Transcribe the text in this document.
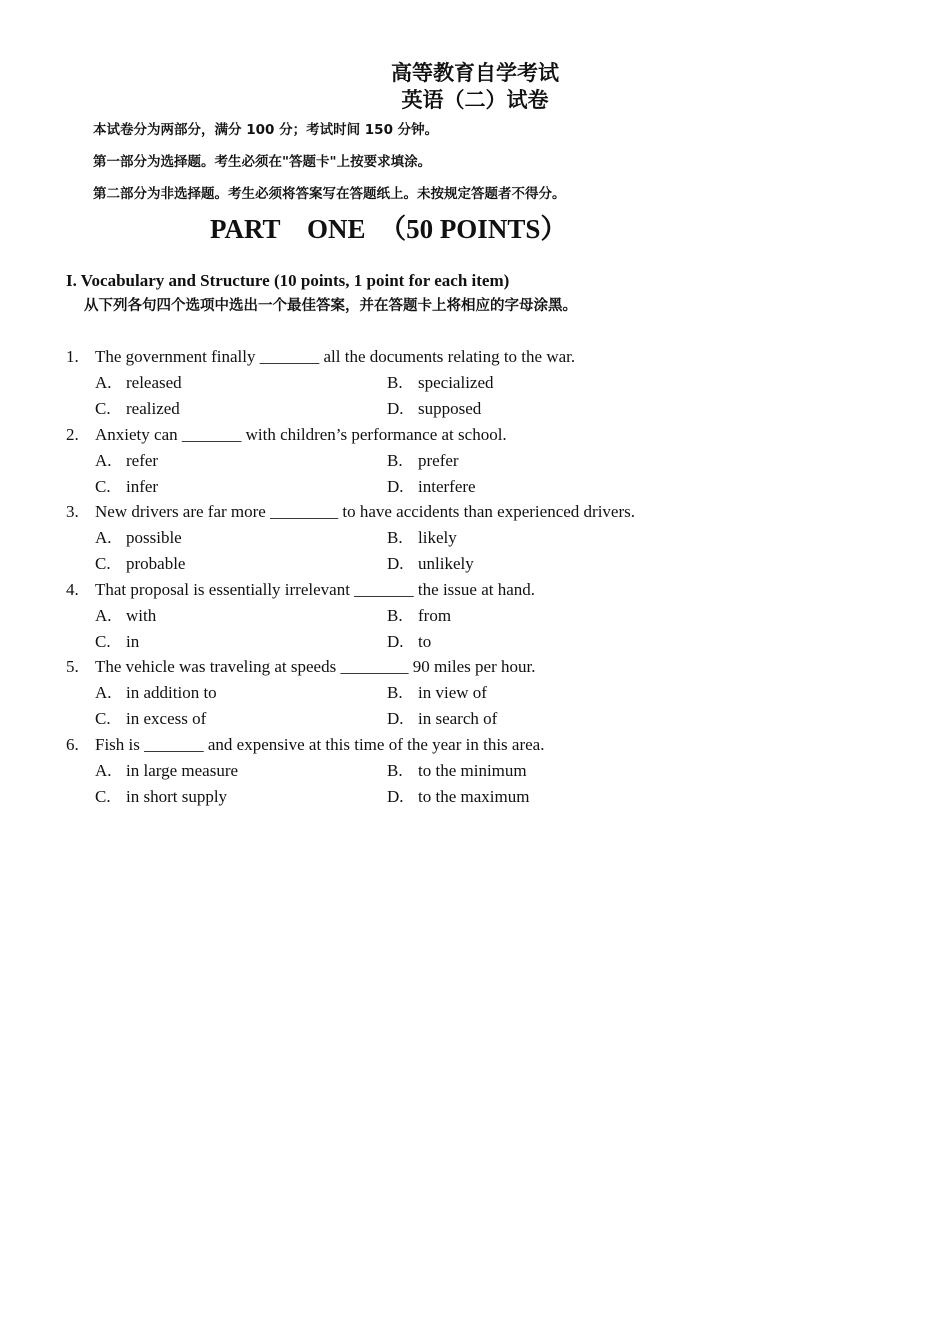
高等教育自学考试
英语（二）试卷
本试卷分为两部分，满分 100 分；考试时间 150 分钟。
第一部分为选择题。考生必须在"答题卡"上按要求填涂。
第二部分为非选择题。考生必须将答案写在答题纸上。未按规定答题者不得分。
PART    ONE  （50 POINTS）
I. Vocabulary and Structure (10 points, 1 point for each item)
从下列各句四个选项中选出一个最佳答案，并在答题卡上将相应的字母涂黑。
1. The government finally _______ all the documents relating to the war.
A. released	B. specialized
C. realized	D. supposed
2. Anxiety can _______ with children’s performance at school.
A. refer	B. prefer
C. infer	D. interfere
3. New drivers are far more ________ to have accidents than experienced drivers.
A. possible	B. likely
C. probable	D. unlikely
4. That proposal is essentially irrelevant _______ the issue at hand.
A. with	B. from
C. in	D. to
5. The vehicle was traveling at speeds ________ 90 miles per hour.
A. in addition to	B. in view of
C. in excess of	D. in search of
6. Fish is _______ and expensive at this time of the year in this area.
A. in large measure	B. to the minimum
C. in short supply	D. to the maximum
